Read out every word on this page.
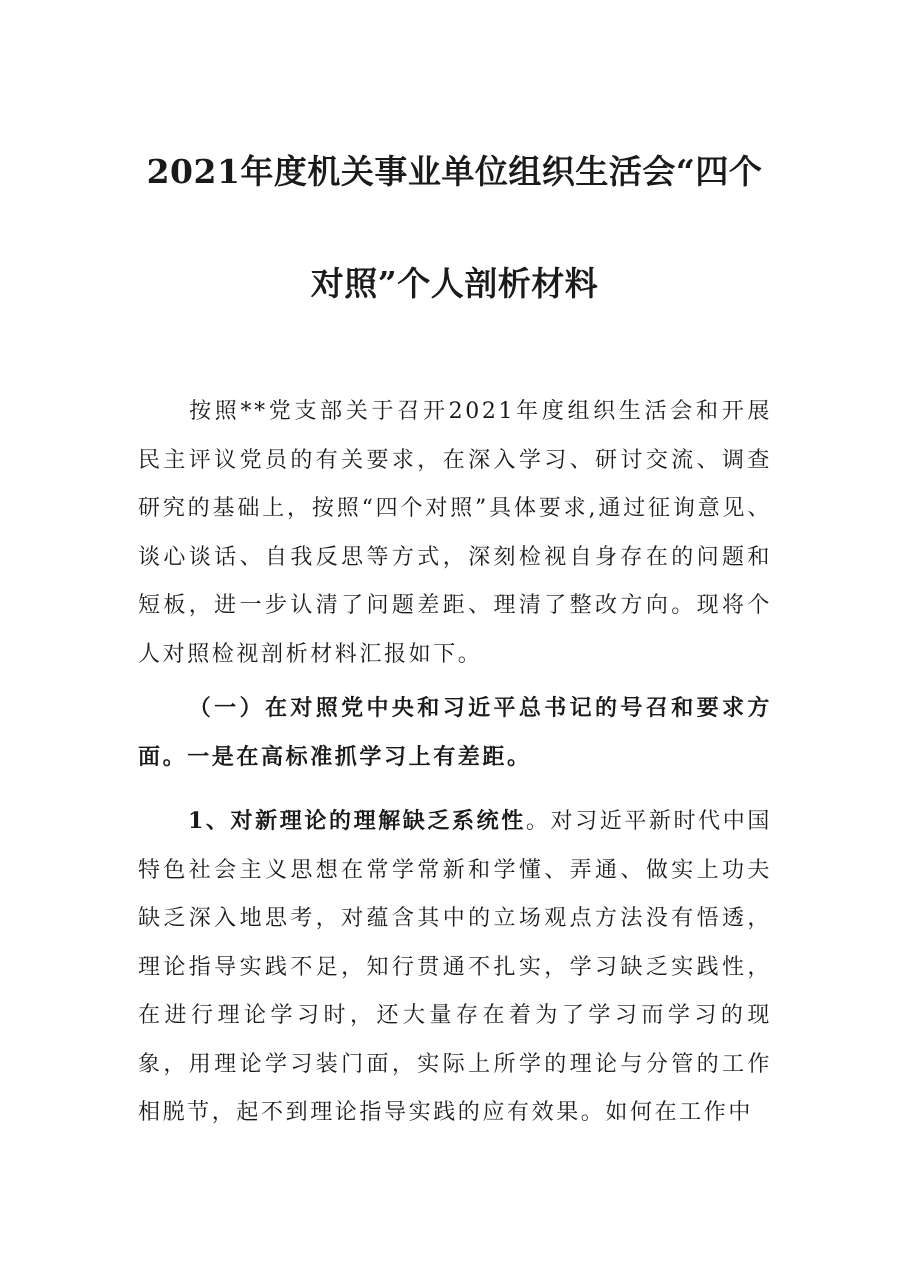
2021年度机关事业单位组织生活会“四个
对照”个人剖析材料

按照**党支部关于召开2021年度组织生活会和开展民主评议党员的有关要求，在深入学习、研讨交流、调查研究的基础上，按照“四个对照”具体要求,通过征询意见、谈心谈话、自我反思等方式，深刻检视自身存在的问题和短板，进一步认清了问题差距、理清了整改方向。现将个人对照检视剖析材料汇报如下。

（一）在对照党中央和习近平总书记的号召和要求方面。一是在高标准抓学习上有差距。

1、对新理论的理解缺乏系统性。对习近平新时代中国特色社会主义思想在常学常新和学懂、弄通、做实上功夫缺乏深入地思考，对蕴含其中的立场观点方法没有悟透，理论指导实践不足，知行贯通不扎实，学习缺乏实践性，在进行理论学习时，还大量存在着为了学习而学习的现象，用理论学习装门面，实际上所学的理论与分管的工作相脱节，起不到理论指导实践的应有效果。如何在工作中
